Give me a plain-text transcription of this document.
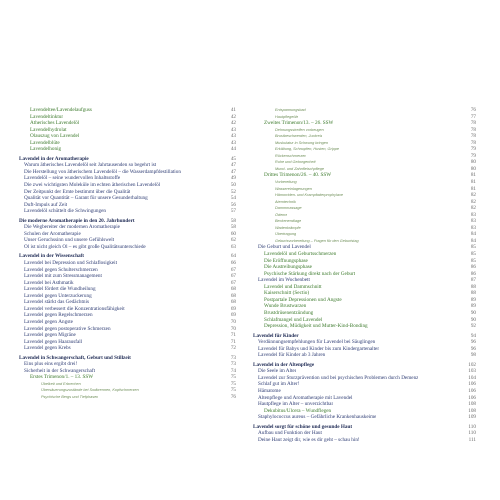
Lavendeltee/Lavendelaufguss	41
Lavendeltinktur	42
Ätherisches Lavendelöl	42
Lavendelhydrolat	43
Ölauszug von Lavendel	43
Lavendelblüte	43
Lavendelhonig	44
Lavendel in der Aromatherapie	45
Warum ätherisches Lavendelöl seit Jahrtausenden so begehrt ist	47
Die Herstellung von ätherischem Lavendelöl – die Wasserdampfdestillation	47
Lavendelöl – seine wundervollen Inhaltsstoffe	49
Die zwei wichtigsten Moleküle im echten ätherischen Lavendelöl	50
Der Zeitpunkt der Ernte bestimmt über die Qualität	52
Qualität vor Quantität – Garant für unsere Gesunderhaltung	54
Duft-Impuls auf Zeit	56
Lavendelöl schüttelt die Schwingungen	57
Die moderne Aromatherapie in den 20. Jahrhundert	58
Die Wegbereiter der modernen Aromatherapie	58
Schulen der Aromatherapie	60
Unser Geruchssinn und unsere Gefühlswelt	62
Öl ist nicht gleich Öl – es gibt große Qualitätsunterschiede	63
Lavendel in der Wissenschaft	64
Lavendel bei Depression und Schlaflosigkeit	66
Lavendel gegen Schulterschmerzen	67
Lavendel mit zum Stressmanagement	67
Lavendel bei Asthmatik	67
Lavendel fördert die Wundheilung	68
Lavendel gegen Unterzuckerung	68
Lavendel stärkt das Gedächtnis	68
Lavendel verbessert die Konzentrationsfähigkeit	69
Lavendel gegen Regelschmerzen	69
Lavendel gegen Ängste	70
Lavendel gegen postoperative Schmerzen	70
Lavendel gegen Migräne	71
Lavendel gegen Haarausfall	71
Lavendel gegen Krebs	72
Lavendel in Schwangerschaft, Geburt und Stillzeit	73
Eins plus eins ergibt drei!	73
Sicherheit in der Schwangerschaft	74
Erstes Trimenon/1. – 13. SSW	75
Übelkeit und Erbrechen	75
Übersäuerungszustände bei Sodbrennen, Kopfschmerzen	75
Psychische Bergs und Tiefphasen	76
Entspannungsbad	76
Hautpflegeöle	77
Zweites Trimenon/13. – 26. SSW	78
Dehnungsstreifen vorbeugen	78
Brustbeschwerden, Juckreiz	78
Muskulatur in Schwung bringen	78
Erkältung, Schnupfen, Husten, Grippe	79
Rückenschmerzen	79
Ruhe und Geborgenheit	80
Mund- und Zahnfleischpflege	80
Drittes Trimenon/26. – 40. SSW	81
Vorbereitung	81
Wassereinlagerungen	81
Hämorriden- und Krampfaderprophylaxe	82
Atemtechnik	82
Dammmassage	82
Ödeme	83
Beckenendlage	83
Wadenkrämpfe	83
Übertragung	84
Geburtsvorbereitung – Fragen für den Geburtstag	84
Die Geburt und Lavendel	85
Lavendelöl und Geburtsschmerzen	85
Die Eröffnungsphase	85
Die Austreibungsphase	86
Psychische Stärkung direkt nach der Geburt	86
Lavendel im Wochenbett	87
Lavendel und Dammschnitt	88
Kaiserschnitt (Sectio)	88
Postpartale Depressionen und Ängste	89
Wunde Brustwarzen	89
Brustdrüsenentzündung	90
Schlafmangel und Lavendel	90
Depression, Müdigkeit und Mutter-Kind-Bonding	92
Lavendel für Kinder	94
Verdünnungsempfehlungen für Lavendel bei Säuglingen	96
Lavendel für Babys und Kinder bis zum Kindergartenalter	96
Lavendel für Kinder ab 3 Jahren	98
Lavendel in der Altenpflege	102
Die Seele im Alter	103
Lavendel zur Sturzprävention und bei psychischen Problemen durch Demenz	104
Schlaf gut im Alter!	106
Hämatome	106
Altenpflege und Aromatherapie mit Lavendel	106
Hautpflege im Alter – unverzichtbar	108
Dekubitus/Ulcera – Wundflegen	108
Staphylococcus aureus – Gefährliche Krankenhauskeime	109
Lavendel sorgt für schöne und gesunde Haut	110
Aufbau und Funktion der Haut	110
Deine Haut zeigt dir, wie es dir geht – schau hin!	111
